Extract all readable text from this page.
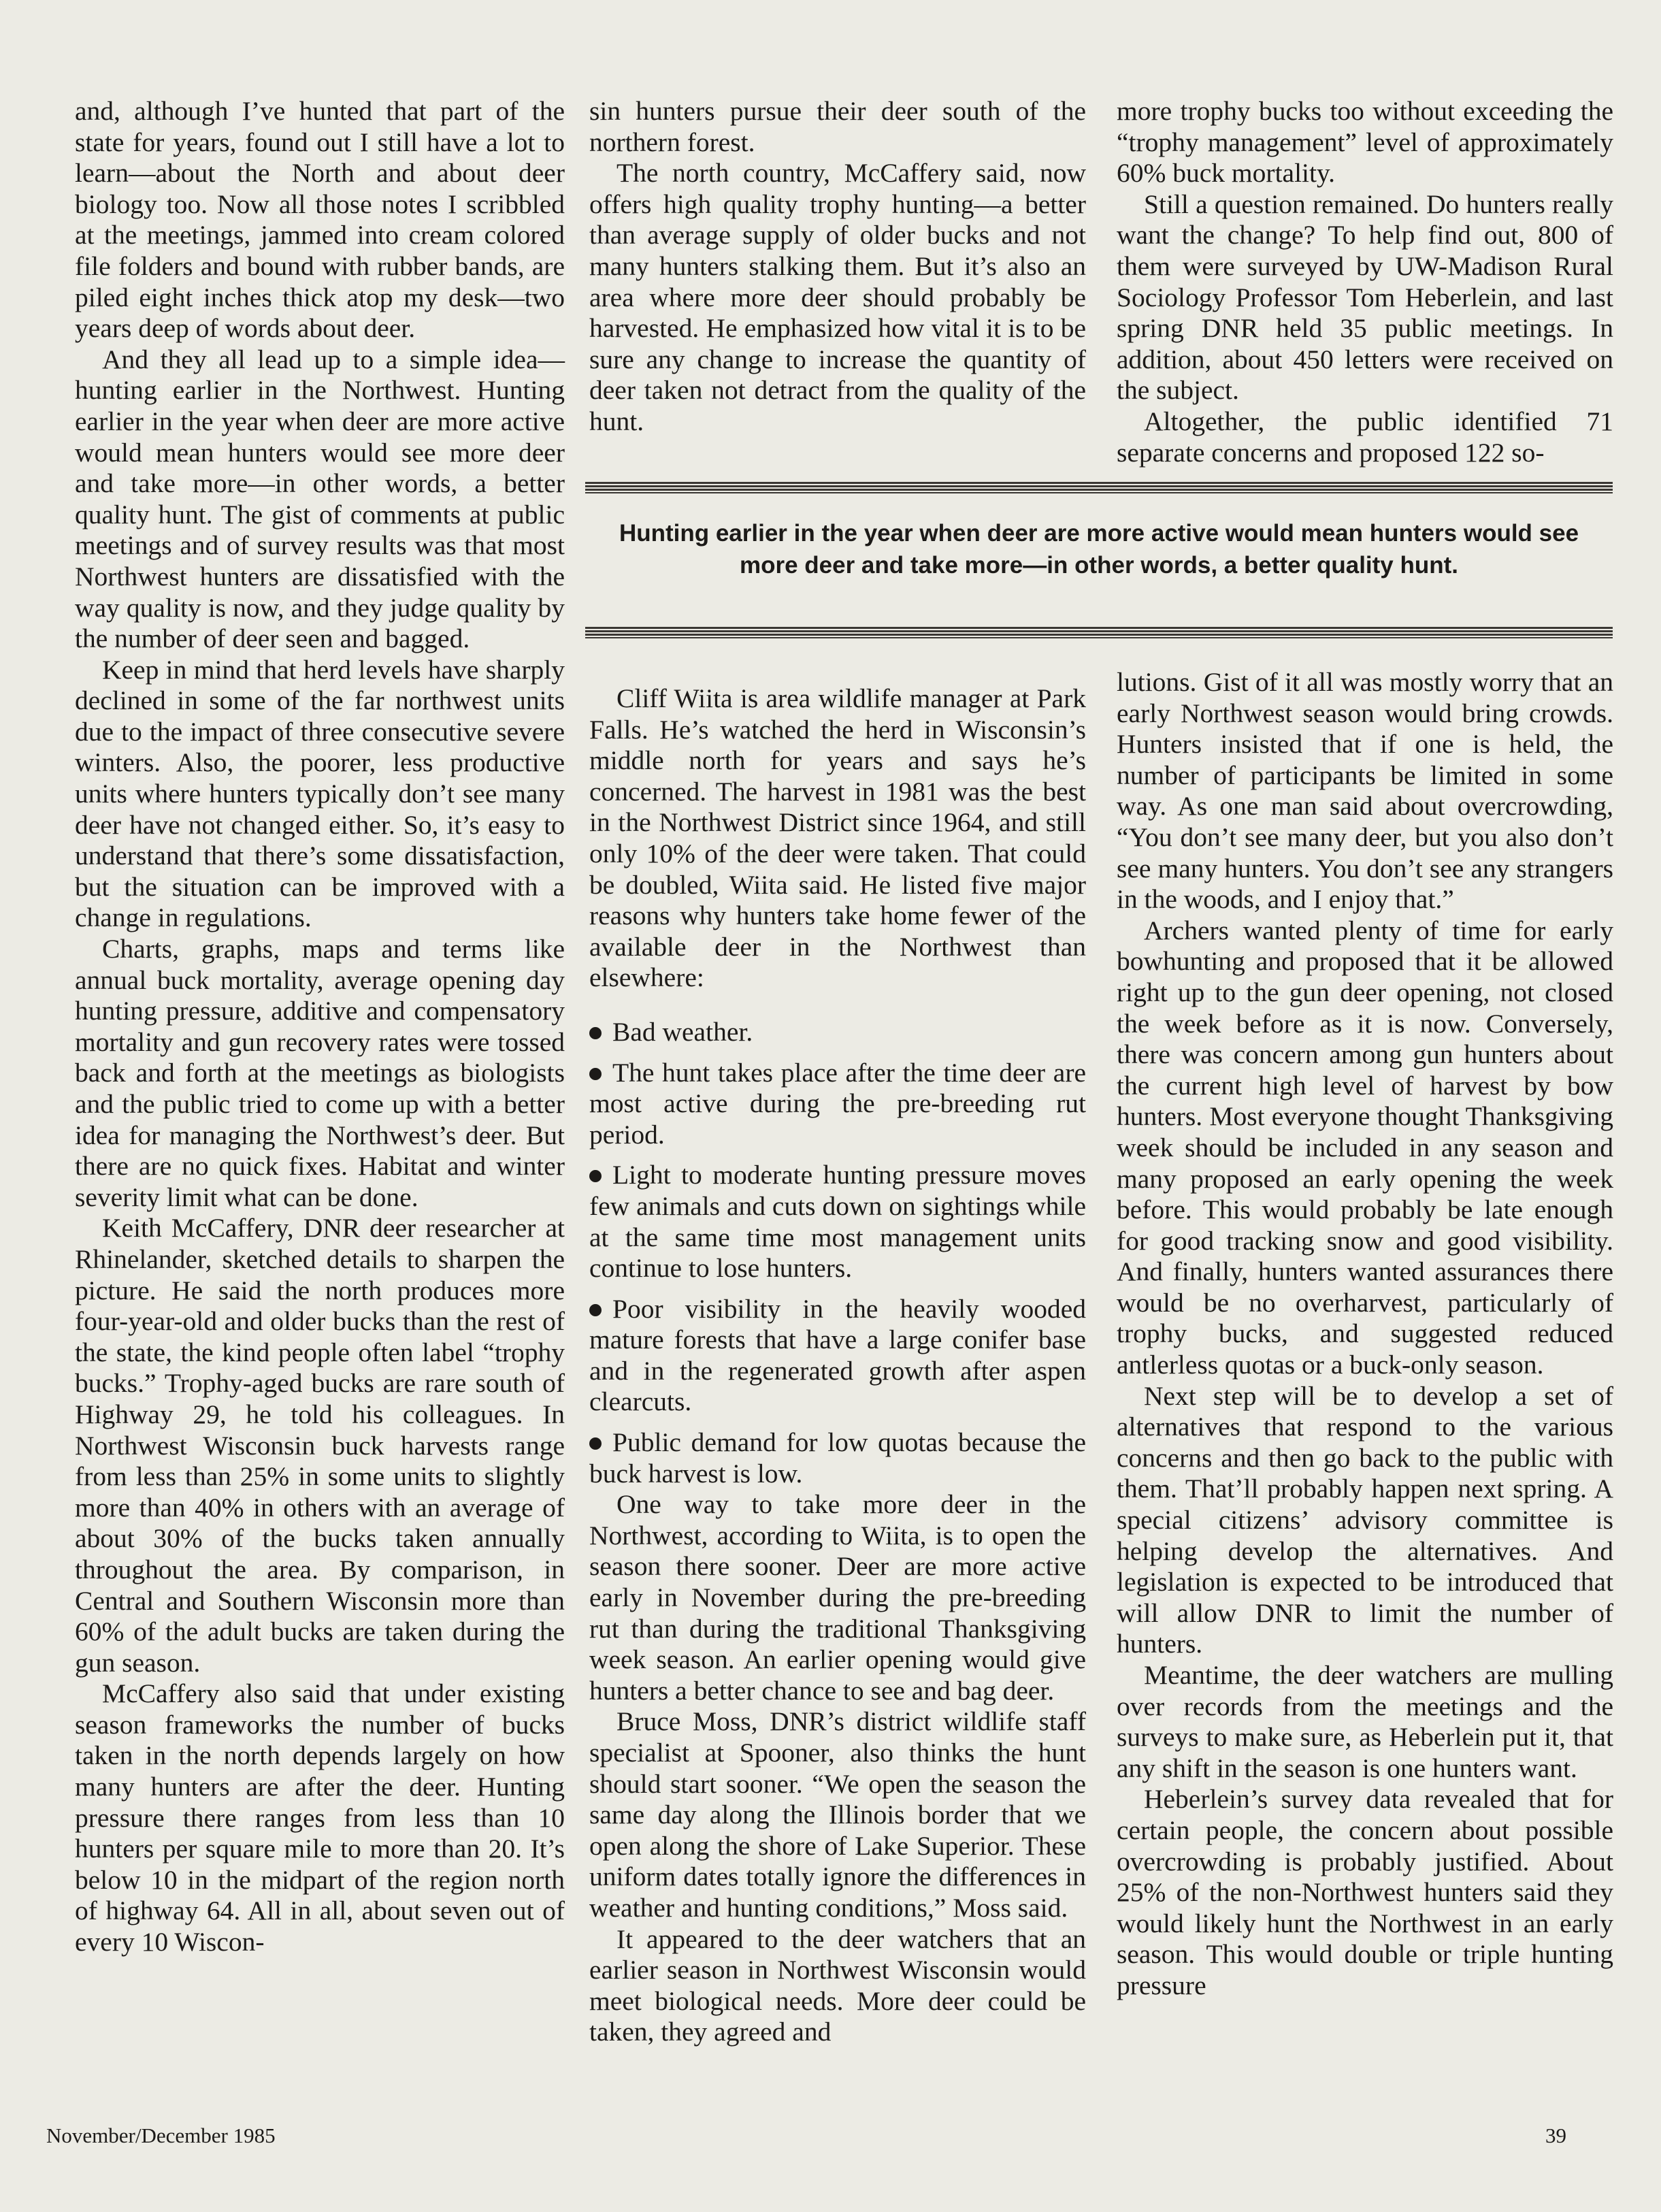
and, although I’ve hunted that part of the state for years, found out I still have a lot to learn—about the North and about deer biology too. Now all those notes I scribbled at the meetings, jammed into cream colored file folders and bound with rubber bands, are piled eight inches thick atop my desk—two years deep of words about deer.

And they all lead up to a simple idea—hunting earlier in the Northwest. Hunting earlier in the year when deer are more active would mean hunters would see more deer and take more—in other words, a better quality hunt. The gist of comments at public meetings and of survey results was that most Northwest hunters are dissatisfied with the way quality is now, and they judge quality by the number of deer seen and bagged.

Keep in mind that herd levels have sharply declined in some of the far northwest units due to the impact of three consecutive severe winters. Also, the poorer, less productive units where hunters typically don’t see many deer have not changed either. So, it’s easy to understand that there’s some dissatisfaction, but the situation can be improved with a change in regulations.

Charts, graphs, maps and terms like annual buck mortality, average opening day hunting pressure, additive and compensatory mortality and gun recovery rates were tossed back and forth at the meetings as biologists and the public tried to come up with a better idea for managing the Northwest’s deer. But there are no quick fixes. Habitat and winter severity limit what can be done.

Keith McCaffery, DNR deer researcher at Rhinelander, sketched details to sharpen the picture. He said the north produces more four-year-old and older bucks than the rest of the state, the kind people often label “trophy bucks.” Trophy-aged bucks are rare south of Highway 29, he told his colleagues. In Northwest Wisconsin buck harvests range from less than 25% in some units to slightly more than 40% in others with an average of about 30% of the bucks taken annually throughout the area. By comparison, in Central and Southern Wisconsin more than 60% of the adult bucks are taken during the gun season.

McCaffery also said that under existing season frameworks the number of bucks taken in the north depends largely on how many hunters are after the deer. Hunting pressure there ranges from less than 10 hunters per square mile to more than 20. It’s below 10 in the midpart of the region north of highway 64. All in all, about seven out of every 10 Wiscon-

sin hunters pursue their deer south of the northern forest.

The north country, McCaffery said, now offers high quality trophy hunting—a better than average supply of older bucks and not many hunters stalking them. But it’s also an area where more deer should probably be harvested. He emphasized how vital it is to be sure any change to increase the quantity of deer taken not detract from the quality of the hunt.

more trophy bucks too without exceeding the “trophy management” level of approximately 60% buck mortality.

Still a question remained. Do hunters really want the change? To help find out, 800 of them were surveyed by UW-Madison Rural Sociology Professor Tom Heberlein, and last spring DNR held 35 public meetings. In addition, about 450 letters were received on the subject.

Altogether, the public identified 71 separate concerns and proposed 122 so-

Hunting earlier in the year when deer are more active would mean hunters would see more deer and take more—in other words, a better quality hunt.

Cliff Wiita is area wildlife manager at Park Falls. He’s watched the herd in Wisconsin’s middle north for years and says he’s concerned. The harvest in 1981 was the best in the Northwest District since 1964, and still only 10% of the deer were taken. That could be doubled, Wiita said. He listed five major reasons why hunters take home fewer of the available deer in the Northwest than elsewhere:

Bad weather.

The hunt takes place after the time deer are most active during the pre-breeding rut period.

Light to moderate hunting pressure moves few animals and cuts down on sightings while at the same time most management units continue to lose hunters.

Poor visibility in the heavily wooded mature forests that have a large conifer base and in the regenerated growth after aspen clearcuts.

Public demand for low quotas because the buck harvest is low.

One way to take more deer in the Northwest, according to Wiita, is to open the season there sooner. Deer are more active early in November during the pre-breeding rut than during the traditional Thanksgiving week season. An earlier opening would give hunters a better chance to see and bag deer.

Bruce Moss, DNR’s district wildlife staff specialist at Spooner, also thinks the hunt should start sooner. “We open the season the same day along the Illinois border that we open along the shore of Lake Superior. These uniform dates totally ignore the differences in weather and hunting conditions,” Moss said.

It appeared to the deer watchers that an earlier season in Northwest Wisconsin would meet biological needs. More deer could be taken, they agreed and

lutions. Gist of it all was mostly worry that an early Northwest season would bring crowds. Hunters insisted that if one is held, the number of participants be limited in some way. As one man said about overcrowding, “You don’t see many deer, but you also don’t see many hunters. You don’t see any strangers in the woods, and I enjoy that.”

Archers wanted plenty of time for early bowhunting and proposed that it be allowed right up to the gun deer opening, not closed the week before as it is now. Conversely, there was concern among gun hunters about the current high level of harvest by bow hunters. Most everyone thought Thanksgiving week should be included in any season and many proposed an early opening the week before. This would probably be late enough for good tracking snow and good visibility. And finally, hunters wanted assurances there would be no overharvest, particularly of trophy bucks, and suggested reduced antlerless quotas or a buck-only season.

Next step will be to develop a set of alternatives that respond to the various concerns and then go back to the public with them. That’ll probably happen next spring. A special citizens’ advisory committee is helping develop the alternatives. And legislation is expected to be introduced that will allow DNR to limit the number of hunters.

Meantime, the deer watchers are mulling over records from the meetings and the surveys to make sure, as Heberlein put it, that any shift in the season is one hunters want.

Heberlein’s survey data revealed that for certain people, the concern about possible overcrowding is probably justified. About 25% of the non-Northwest hunters said they would likely hunt the Northwest in an early season. This would double or triple hunting pressure

November/December 1985	39
